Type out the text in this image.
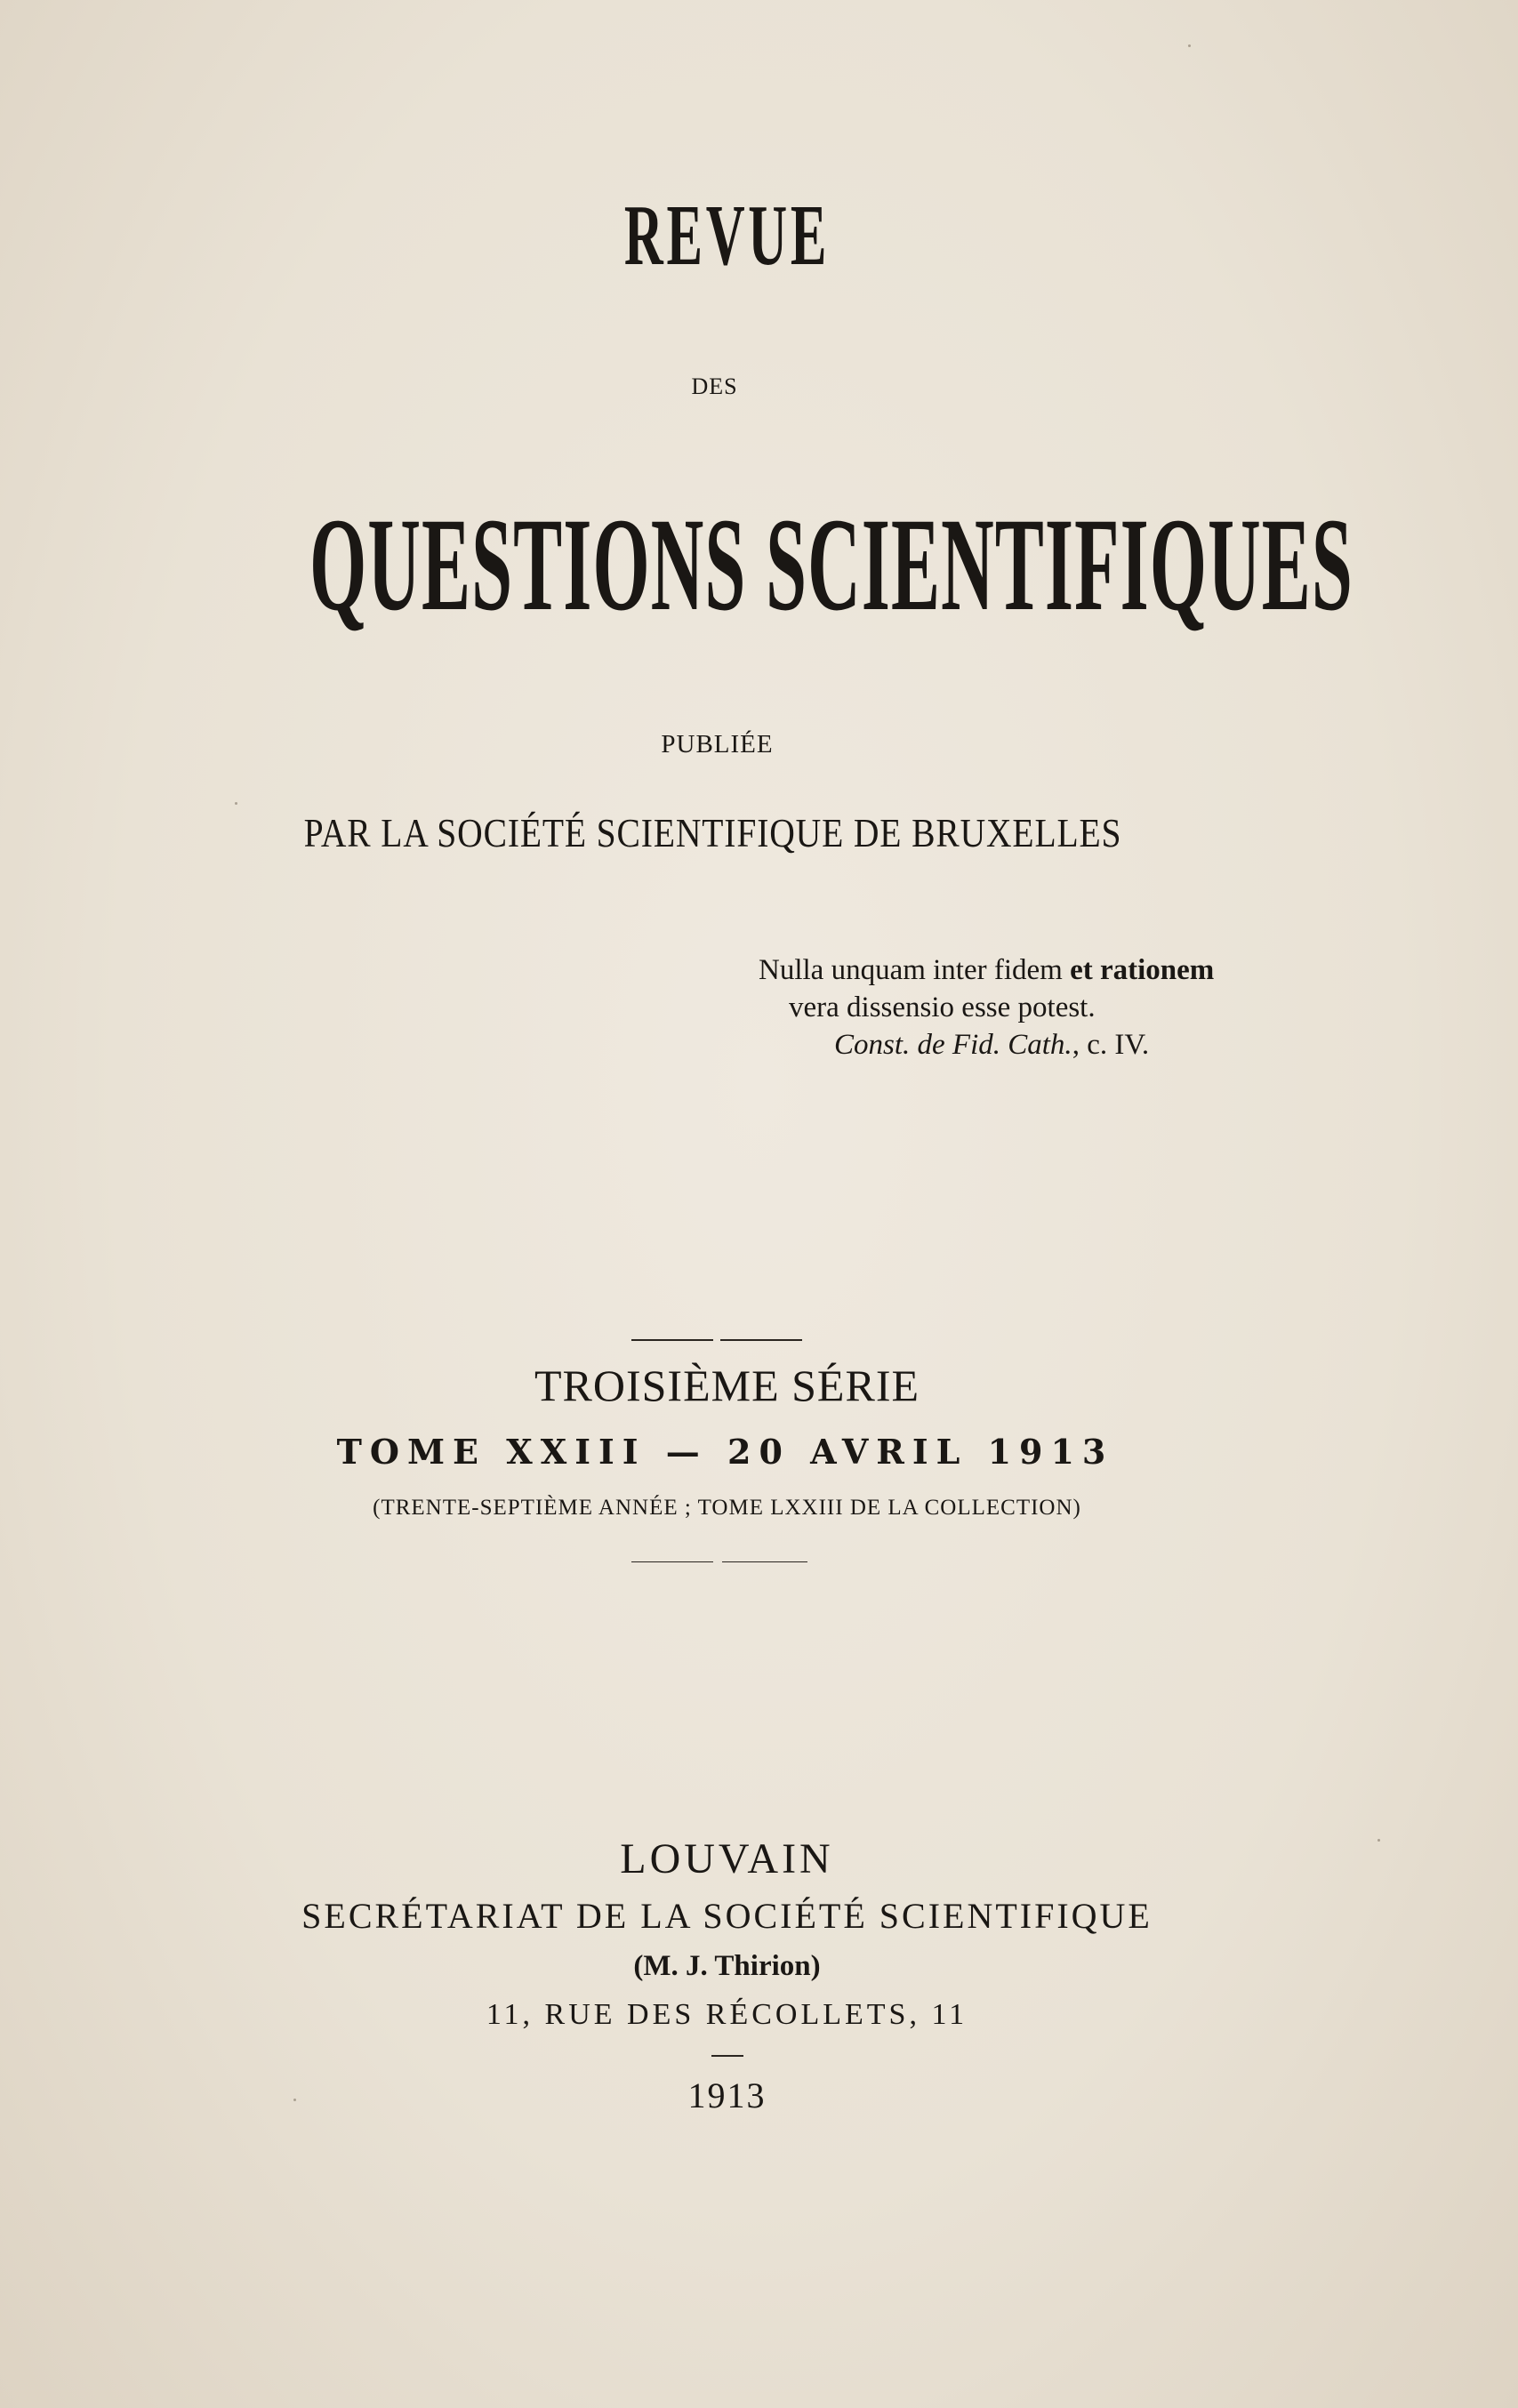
REVUE
DES
QUESTIONS SCIENTIFIQUES
PUBLIÉE
PAR LA SOCIÉTÉ SCIENTIFIQUE DE BRUXELLES
Nulla unquam inter fidem et rationem
vera dissensio esse potest.
Const. de Fid. Cath., c. IV.
TROISIÈME SÉRIE
TOME XXIII — 20 AVRIL 1913
(TRENTE-SEPTIÈME ANNÉE ; TOME LXXIII DE LA COLLECTION)
LOUVAIN
SECRÉTARIAT DE LA SOCIÉTÉ SCIENTIFIQUE
(M. J. Thirion)
11, RUE DES RÉCOLLETS, 11
1913
